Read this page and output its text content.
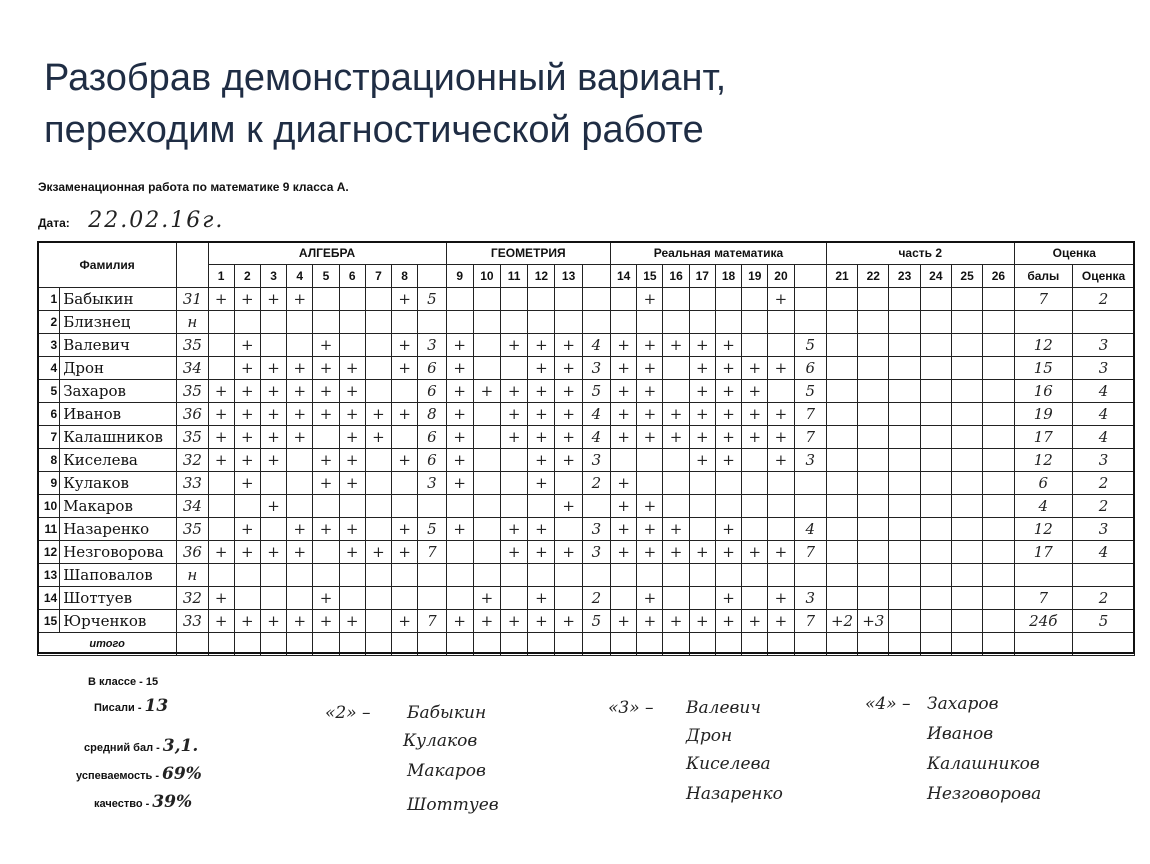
Разобрав демонстрационный вариант,
переходим к диагностической работе
Экзаменационная работа по математике 9 класса А.
Дата: 22.02.16г.
Фамилия			АЛГЕБРА									ГЕОМЕТРИЯ						Реальная математика								часть 2						Оценка	
			1	2	3	4	5	6	7	8		9	10	11	12	13		14	15	16	17	18	19	20		21	22	23	24	25	26	балы	Оценка
1	Бабыкин	31	+	+	+	+				+	5								+					+								7	2
2	Близнец	н																															
3	Валевич	35		+			+			+	3	+		+	+	+	4	+	+	+	+	+			5							12	3
4	Дрон	34		+	+	+	+	+		+	6	+			+	+	3	+	+		+	+	+	+	6							15	3
5	Захаров	35	+	+	+	+	+	+			6	+	+	+	+	+	5	+	+		+	+	+		5							16	4
6	Иванов	36	+	+	+	+	+	+	+	+	8	+		+	+	+	4	+	+	+	+	+	+	+	7							19	4
7	Калашников	35	+	+	+	+		+	+		6	+		+	+	+	4	+	+	+	+	+	+	+	7							17	4
8	Киселева	32	+	+	+		+	+		+	6	+			+	+	3				+	+		+	3							12	3
9	Кулаков	33		+			+	+			3	+			+		2	+														6	2
10	Макаров	34			+											+		+	+													4	2
11	Назаренко	35		+		+	+	+		+	5	+		+	+		3	+	+	+		+			4							12	3
12	Незговорова	36	+	+	+	+		+	+	+	7			+	+	+	3	+	+	+	+	+	+	+	7							17	4
13	Шаповалов	н																															
14	Шоттуев	32	+				+						+		+		2		+			+		+	3							7	2
15	Юрченков	33	+	+	+	+	+	+		+	7	+	+	+	+	+	5	+	+	+	+	+	+	+	7	+2	+3					24б	5
итого																																	
В классе - 15
Писали - 13
средний бал - 3,1.
успеваемость - 69%
качество - 39%
«2» – Бабыкин
Кулаков
Макаров
Шоттуев
«3» – Валевич
Дрон
Киселева
Назаренко
«4» – Захаров
Иванов
Калашников
Незговорова
